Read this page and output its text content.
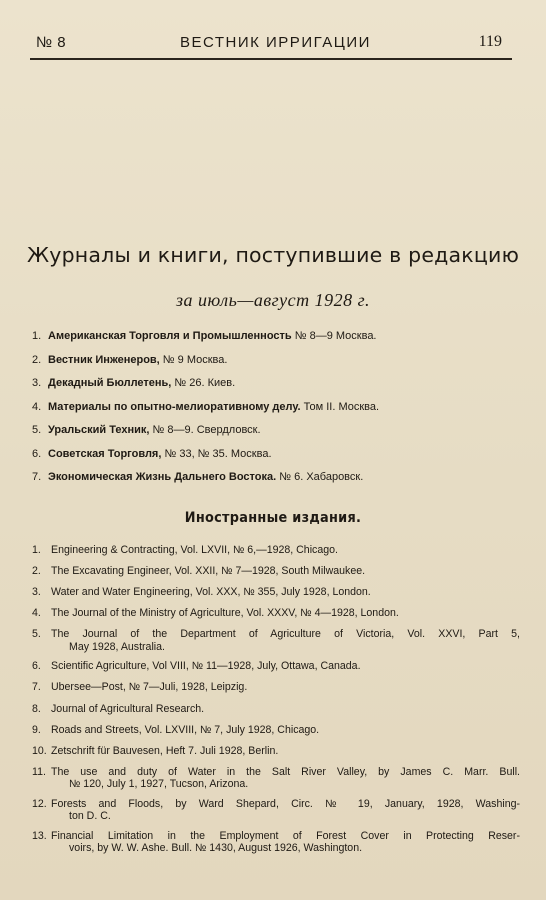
№ 8	ВЕСТНИК ИРРИГАЦИИ	119
Журналы и книги, поступившие в редакцию
за июль—август 1928 г.
1. Американская Торговля и Промышленность № 8—9 Москва.
2. Вестник Инженеров, № 9 Москва.
3. Декадный Бюллетень, № 26. Киев.
4. Материалы по опытно-мелиоративному делу. Том II. Москва.
5. Уральский Техник, № 8—9. Свердловск.
6. Советская Торговля, № 33, № 35. Москва.
7. Экономическая Жизнь Дальнего Востока. № 6. Хабаровск.
Иностранные издания.
1. Engineering & Contracting, Vol. LXVII, № 6,—1928, Chicago.
2. The Excavating Engineer, Vol. XXII, № 7—1928, South Milwaukee.
3. Water and Water Engineering, Vol. XXX, № 355, July 1928, London.
4. The Journal of the Ministry of Agriculture, Vol. XXXV, № 4—1928, London.
5. The Journal of the Department of Agriculture of Victoria, Vol. XXVI, Part 5,
May 1928, Australia.
6. Scientific Agriculture, Vol VIII, № 11—1928, July, Ottawa, Canada.
7. Ubersee—Post, № 7—Juli, 1928, Leipzig.
8. Journal of Agricultural Research.
9. Roads and Streets, Vol. LXVIII, № 7, July 1928, Chicago.
10. Zetschrift für Bauvesen, Heft 7. Juli 1928, Berlin.
11. The use and duty of Water in the Salt River Valley, by James C. Marr. Bull.
№ 120, July 1, 1927, Tucson, Arizona.
12. Forests and Floods, by Ward Shepard, Circ. № 19, January, 1928, Washing-
ton D. C.
13. Financial Limitation in the Employment of Forest Cover in Protecting Reser-
voirs, by W. W. Ashe. Bull. № 1430, August 1926, Washington.
